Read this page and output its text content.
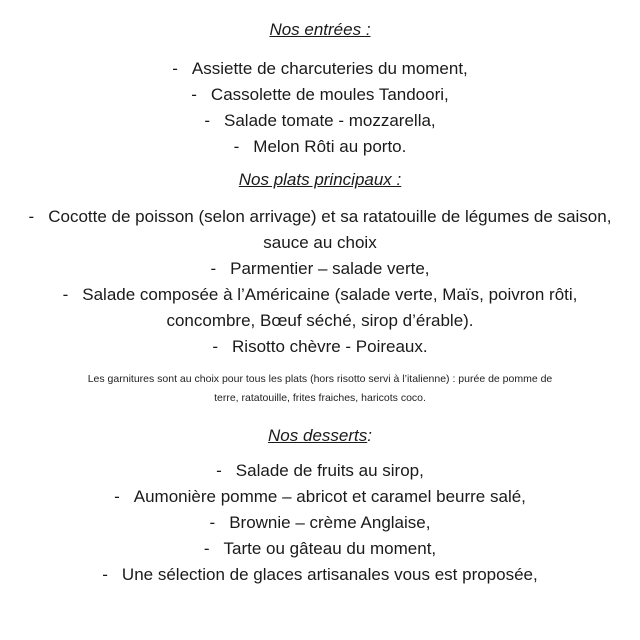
Nos entrées :
- Assiette de charcuteries du moment,
- Cassolette de moules Tandoori,
- Salade tomate - mozzarella,
- Melon Rôti au porto.
Nos plats principaux :
- Cocotte de poisson (selon arrivage) et sa ratatouille de légumes de saison, sauce au choix
- Parmentier – salade verte,
- Salade composée à l’Américaine (salade verte, Maïs, poivron rôti, concombre, Bœuf séché, sirop d’érable).
- Risotto chèvre - Poireaux.
Les garnitures sont au choix pour tous les plats (hors risotto servi à l’italienne) : purée de pomme de terre, ratatouille, frites fraiches, haricots coco.
Nos desserts:
- Salade de fruits au sirop,
- Aumonière pomme – abricot et caramel beurre salé,
- Brownie – crème Anglaise,
- Tarte ou gâteau du moment,
- Une sélection de glaces artisanales vous est proposée,
